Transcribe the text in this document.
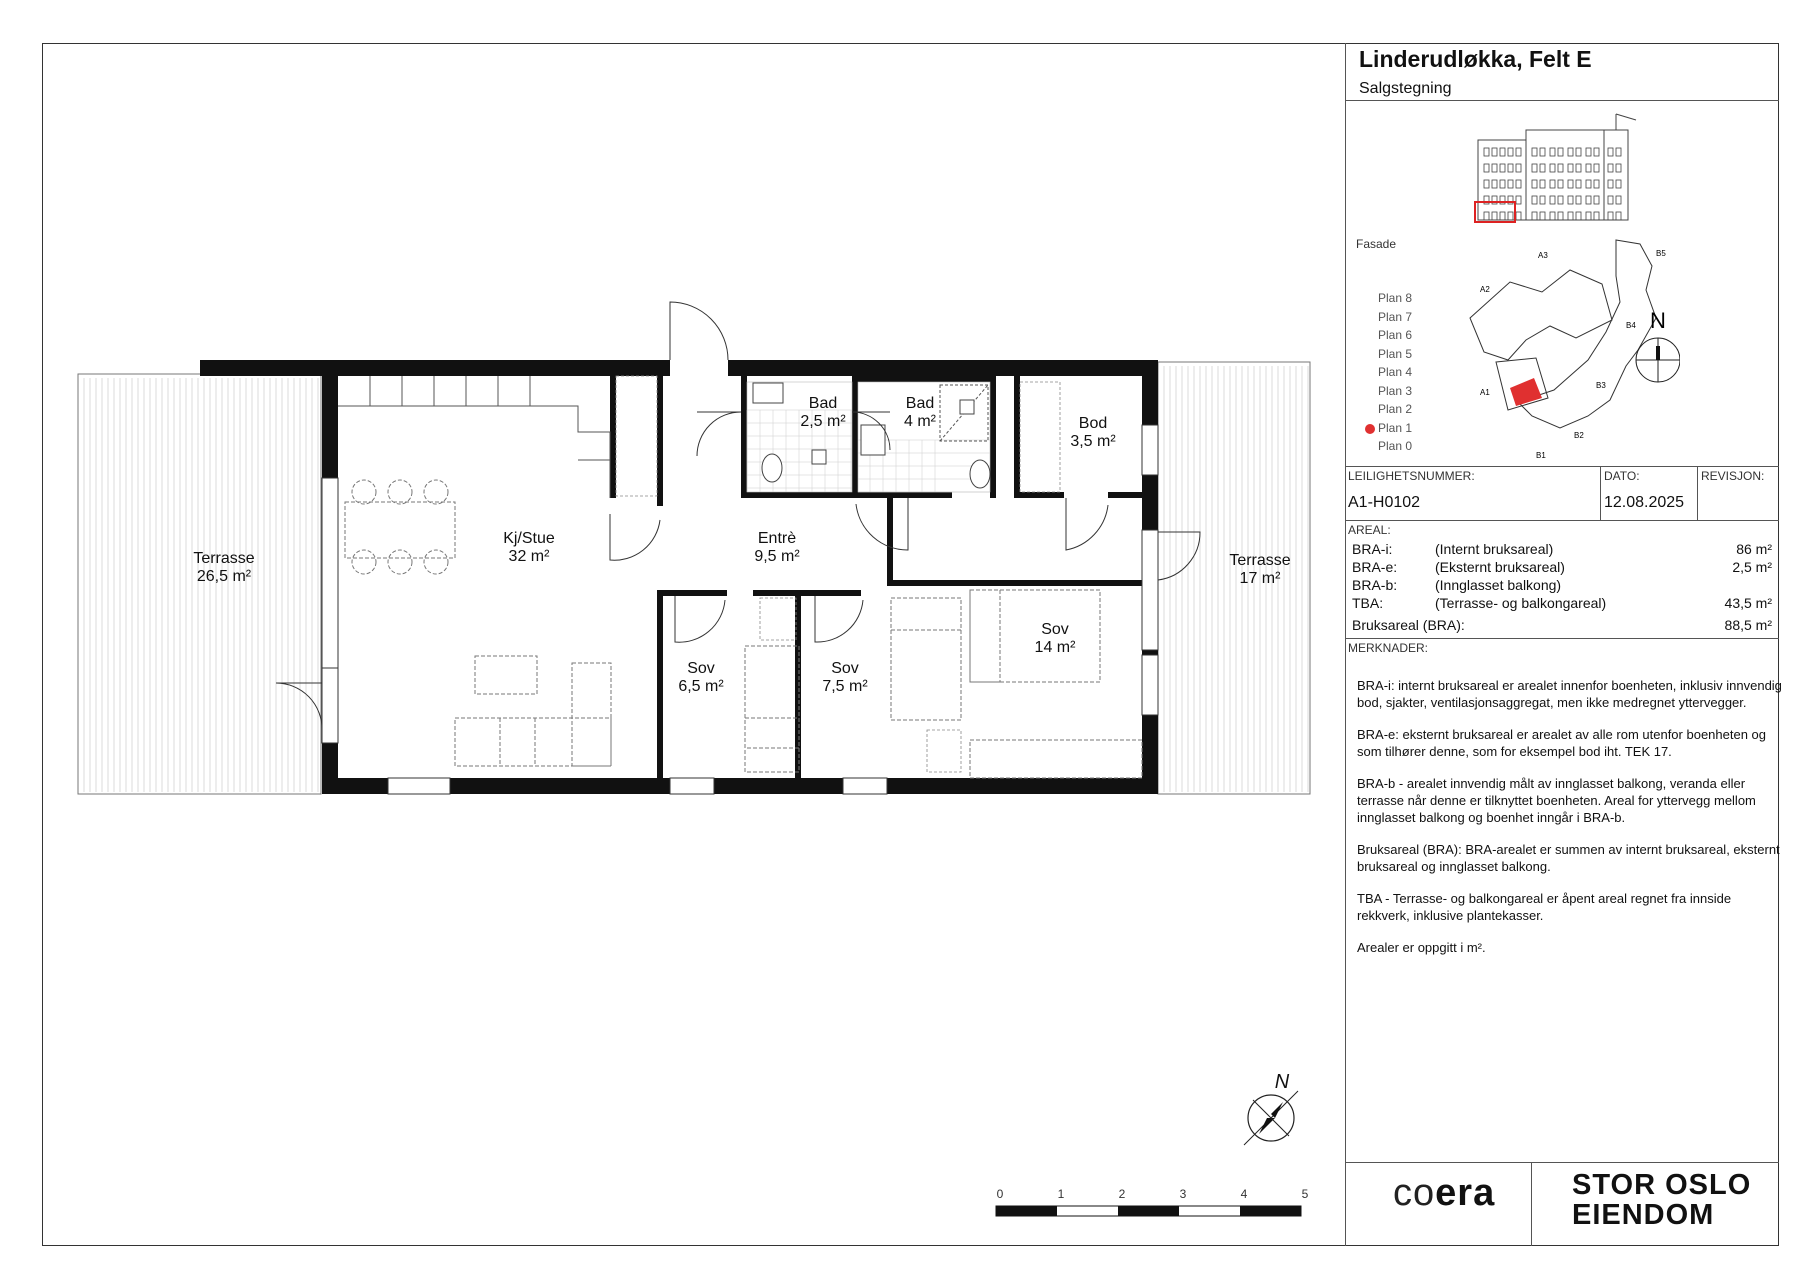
Terrasse
26,5 m²
Kj/Stue
32 m²
Entrè
9,5 m²
Bad
2,5 m²
Bad
4 m²	Bod
3,5 m²
Terrasse
17 m²
Sov
6,5 m²
Sov
7,5 m²
Sov
14 m²
N
0	1	2	3	4	5
Linderudløkka, Felt E
Salgstegning
Fasade
Plan 8
Plan 7
Plan 6
Plan 5
Plan 4
Plan 3
Plan 2
Plan 1
Plan 0
A1
A2
A3
B1
B2
B3
B4
B5
N
LEILIGHETSNUMMER:
A1-H0102
DATO:
12.08.2025
REVISJON:
AREAL:
BRA-i:	(Internt bruksareal)	86 m²
BRA-e:	(Eksternt bruksareal)	2,5 m²
BRA-b:	(Innglasset balkong)
TBA:	(Terrasse- og balkongareal)	43,5 m²
Bruksareal (BRA):	88,5 m²
MERKNADER:

BRA-i: internt bruksareal er arealet innenfor boenheten, inklusiv innvendig bod, sjakter, ventilasjonsaggregat, men ikke medregnet yttervegger.

BRA-e: eksternt bruksareal er arealet av alle rom utenfor boenheten og som tilhører denne, som for eksempel bod iht. TEK 17.

BRA-b - arealet innvendig målt av innglasset balkong, veranda eller terrasse når denne er tilknyttet boenheten. Areal for yttervegg mellom innglasset balkong og boenhet inngår i BRA-b.

Bruksareal (BRA): BRA-arealet er summen av internt bruksareal, eksternt bruksareal og innglasset balkong.

TBA - Terrasse- og balkongareal er åpent areal regnet fra innside rekkverk, inklusive plantekasser.

Arealer er oppgitt i m².

coera	STOR OSLO
EIENDOM
